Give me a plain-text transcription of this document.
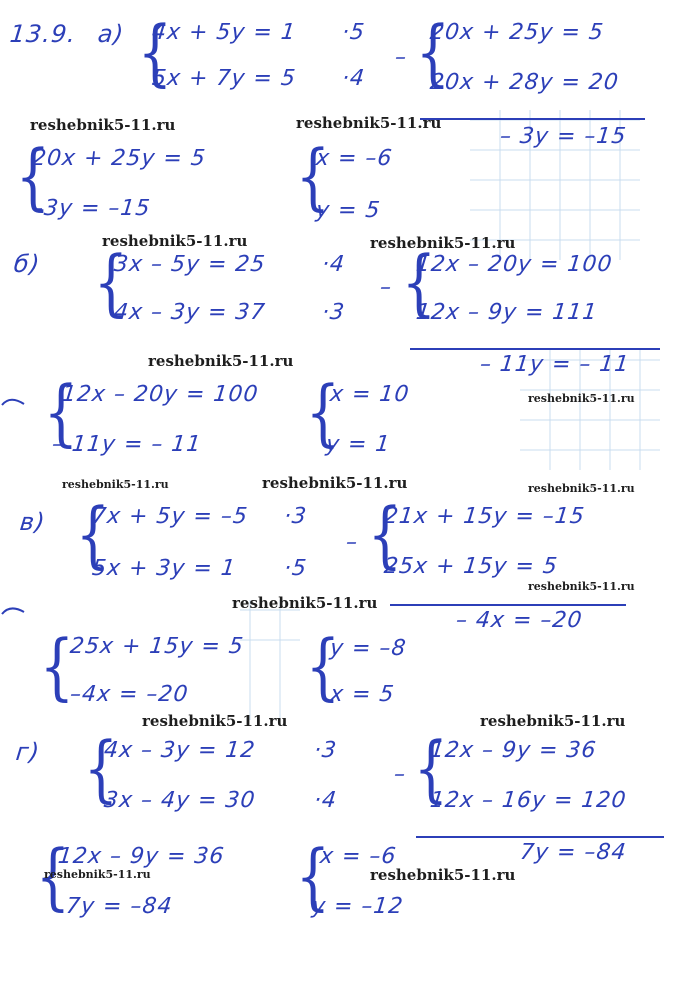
13.9. а) {
4x + 5y = 1
5x + 7y = 5
·5
·4
– {
20x + 25y = 5
20x + 28y = 20
– 3y = –15
reshebnik5-11.ru	reshebnik5-11.ru
{
20x + 25y = 5
–3y = –15 {
x = –6
y = 5
reshebnik5-11.ru	reshebnik5-11.ru
б) {
3x – 5y = 25
4x – 3y = 37
·4
·3
– {
12x – 20y = 100
12x – 9y = 111
– 11y = – 11
reshebnik5-11.ru
reshebnik5-11.ru
{
12x – 20y = 100
– 11y = – 11 {
x = 10
y = 1
reshebnik5-11.ru	reshebnik5-11.ru	reshebnik5-11.ru
в) {
7x + 5y = –5
5x + 3y = 1
·3
·5
– {
21x + 15y = –15
25x + 15y = 5
reshebnik5-11.ru
– 4x = –20
reshebnik5-11.ru
{
25x + 15y = 5
–4x = –20 {
y = –8
x = 5
reshebnik5-11.ru	reshebnik5-11.ru
г) {
4x – 3y = 12
3x – 4y = 30
·3
·4
– {
12x – 9y = 36
12x – 16y = 120
7y = –84
{
12x – 9y = 36
reshebnik5-11.ru
7y = –84 {
x = –6
reshebnik5-11.ru
y = –12
